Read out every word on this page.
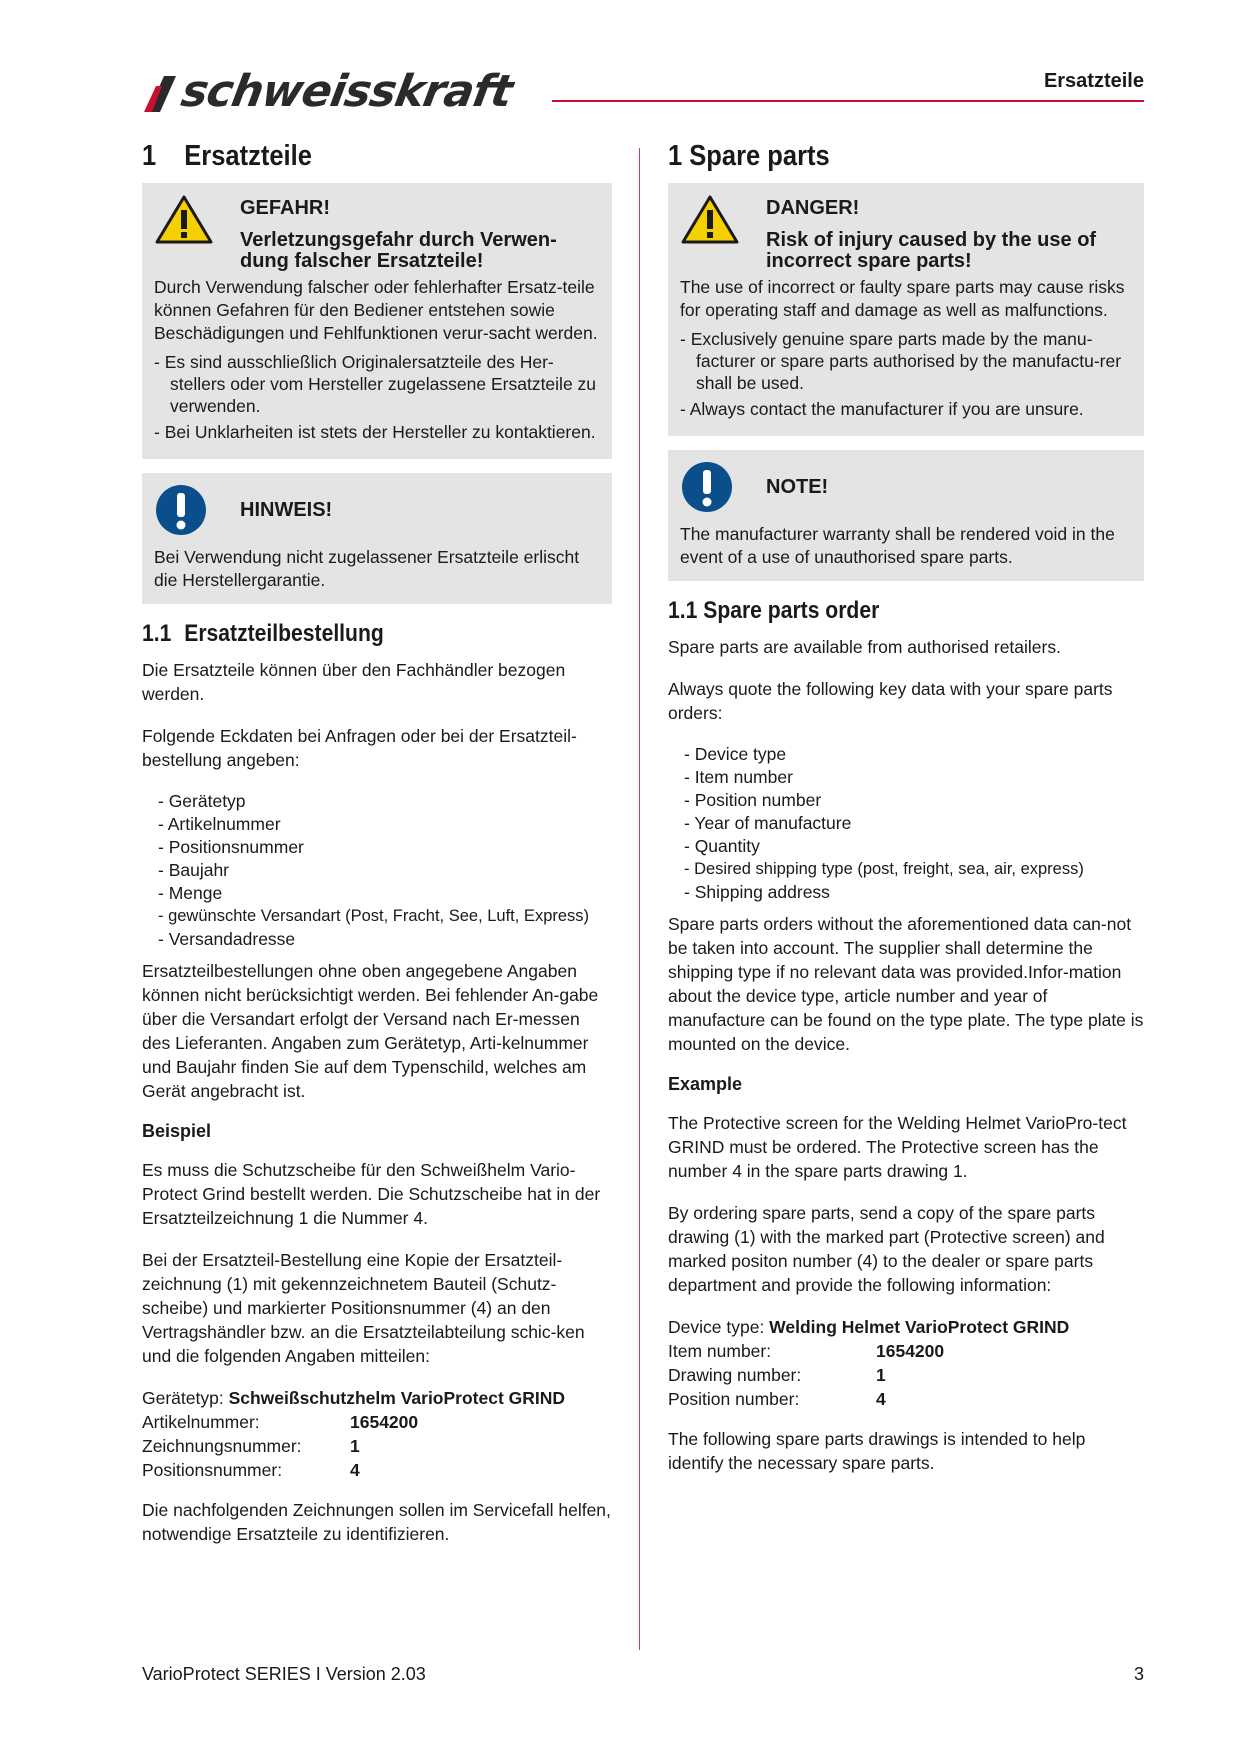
schweisskraft	Ersatzteile
1 Ersatzteile
GEFAHR!
Verletzungsgefahr durch Verwen-dung falscher Ersatzteile!

Durch Verwendung falscher oder fehlerhafter Ersatz-teile können Gefahren für den Bediener entstehen sowie Beschädigungen und Fehlfunktionen verur-sacht werden.

- Es sind ausschließlich Originalersatzteile des Her-stellers oder vom Hersteller zugelassene Ersatzteile zu verwenden.
- Bei Unklarheiten ist stets der Hersteller zu kontaktieren.
HINWEIS!

Bei Verwendung nicht zugelassener Ersatzteile erlischt die Herstellergarantie.

1.1 Ersatzteilbestellung

Die Ersatzteile können über den Fachhändler bezogen werden.

Folgende Eckdaten bei Anfragen oder bei der Ersatzteil-bestellung angeben:

- Gerätetyp
- Artikelnummer
- Positionsnummer
- Baujahr
- Menge
- gewünschte Versandart (Post, Fracht, See, Luft, Express)
- Versandadresse

Ersatzteilbestellungen ohne oben angegebene Angaben können nicht berücksichtigt werden. Bei fehlender An-gabe über die Versandart erfolgt der Versand nach Er-messen des Lieferanten. Angaben zum Gerätetyp, Arti-kelnummer und Baujahr finden Sie auf dem Typenschild, welches am Gerät angebracht ist.

Beispiel

Es muss die Schutzscheibe für den Schweißhelm Vario-Protect Grind bestellt werden. Die Schutzscheibe hat in der Ersatzteilzeichnung 1 die Nummer 4.

Bei der Ersatzteil-Bestellung eine Kopie der Ersatzteil-zeichnung (1) mit gekennzeichnetem Bauteil (Schutz-scheibe) und markierter Positionsnummer (4) an den Vertragshändler bzw. an die Ersatzteilabteilung schic-ken und die folgenden Angaben mitteilen:

Gerätetyp: Schweißschutzhelm VarioProtect GRIND
Artikelnummer:	1654200
Zeichnungsnummer:	1
Positionsnummer:	4

Die nachfolgenden Zeichnungen sollen im Servicefall helfen, notwendige Ersatzteile zu identifizieren.

1 Spare parts
DANGER!
Risk of injury caused by the use of incorrect spare parts!

The use of incorrect or faulty spare parts may cause risks for operating staff and damage as well as malfunctions.

- Exclusively genuine spare parts made by the manu-facturer or spare parts authorised by the manufactu-rer shall be used.
- Always contact the manufacturer if you are unsure.
NOTE!

The manufacturer warranty shall be rendered void in the event of a use of unauthorised spare parts.

1.1 Spare parts order

Spare parts are available from authorised retailers.

Always quote the following key data with your spare parts orders:

- Device type
- Item number
- Position number
- Year of manufacture
- Quantity
- Desired shipping type (post, freight, sea, air, express)
- Shipping address

Spare parts orders without the aforementioned data can-not be taken into account. The supplier shall determine the shipping type if no relevant data was provided.Infor-mation about the device type, article number and year of manufacture can be found on the type plate. The type plate is mounted on the device.

Example

The Protective screen for the Welding Helmet VarioPro-tect GRIND must be ordered. The Protective screen has the number 4 in the spare parts drawing 1.

By ordering spare parts, send a copy of the spare parts drawing (1) with the marked part (Protective screen) and marked positon number (4) to the dealer or spare parts department and provide the following information:

Device type: Welding Helmet VarioProtect GRIND
Item number:	1654200
Drawing number:	1
Position number:	4

The following spare parts drawings is intended to help identify the necessary spare parts.

VarioProtect SERIES I Version 2.03	3
